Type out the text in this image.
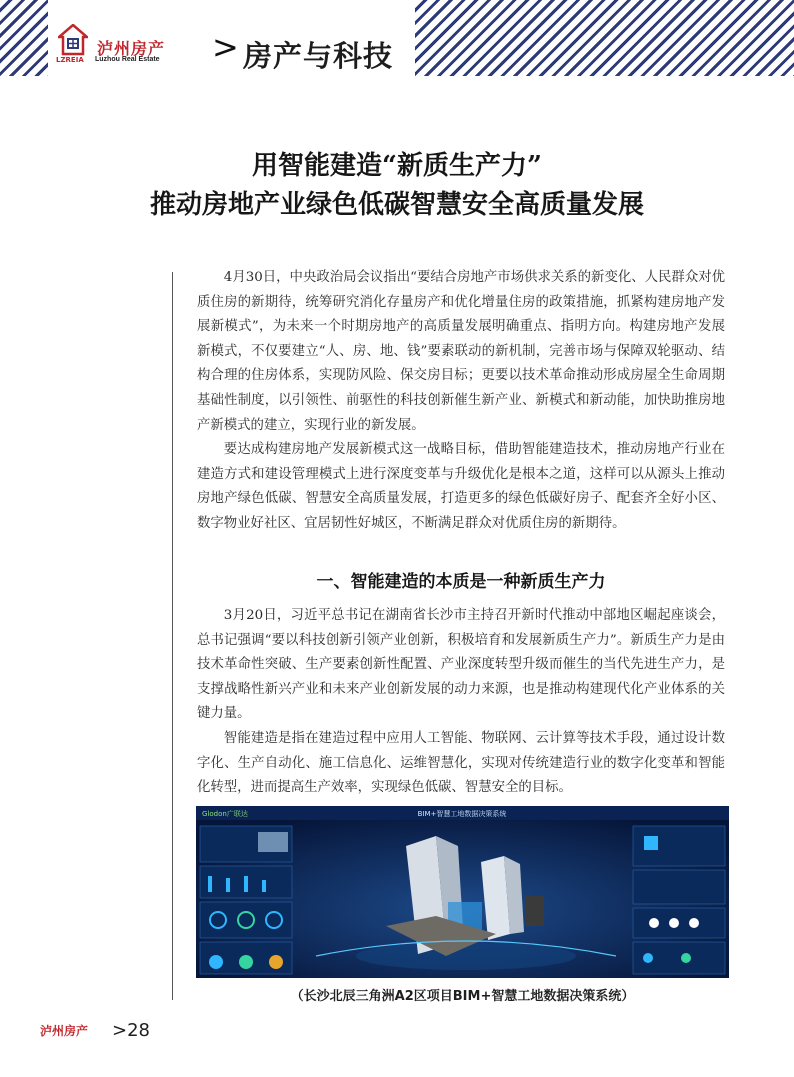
LZREIA
泸州房产
Luzhou Real Estate > 房产与科技
用智能建造“新质生产力”
推动房地产业绿色低碳智慧安全高质量发展

4月30日，中央政治局会议指出“要结合房地产市场供求关系的新变化、人民群众对优质住房的新期待，统筹研究消化存量房产和优化增量住房的政策措施，抓紧构建房地产发展新模式”，为未来一个时期房地产的高质量发展明确重点、指明方向。构建房地产发展新模式，不仅要建立“人、房、地、钱”要素联动的新机制，完善市场与保障双轮驱动、结构合理的住房体系，实现防风险、保交房目标；更要以技术革命推动形成房屋全生命周期基础性制度，以引领性、前驱性的科技创新催生新产业、新模式和新动能，加快助推房地产新模式的建立，实现行业的新发展。

要达成构建房地产发展新模式这一战略目标，借助智能建造技术，推动房地产行业在建造方式和建设管理模式上进行深度变革与升级优化是根本之道，这样可以从源头上推动房地产绿色低碳、智慧安全高质量发展，打造更多的绿色低碳好房子、配套齐全好小区、数字物业好社区、宜居韧性好城区，不断满足群众对优质住房的新期待。

一、智能建造的本质是一种新质生产力

3月20日，习近平总书记在湖南省长沙市主持召开新时代推动中部地区崛起座谈会，总书记强调“要以科技创新引领产业创新，积极培育和发展新质生产力”。新质生产力是由技术革命性突破、生产要素创新性配置、产业深度转型升级而催生的当代先进生产力，是支撑战略性新兴产业和未来产业创新发展的动力来源，也是推动构建现代化产业体系的关键力量。

智能建造是指在建造过程中应用人工智能、物联网、云计算等技术手段，通过设计数字化、生产自动化、施工信息化、运维智慧化，实现对传统建造行业的数字化变革和智能化转型，进而提高生产效率，实现绿色低碳、智慧安全的目标。

Glodon广联达	BIM+智慧工地数据决策系统
（长沙北辰三角洲A2区项目BIM+智慧工地数据决策系统）
泸州房产 >28
